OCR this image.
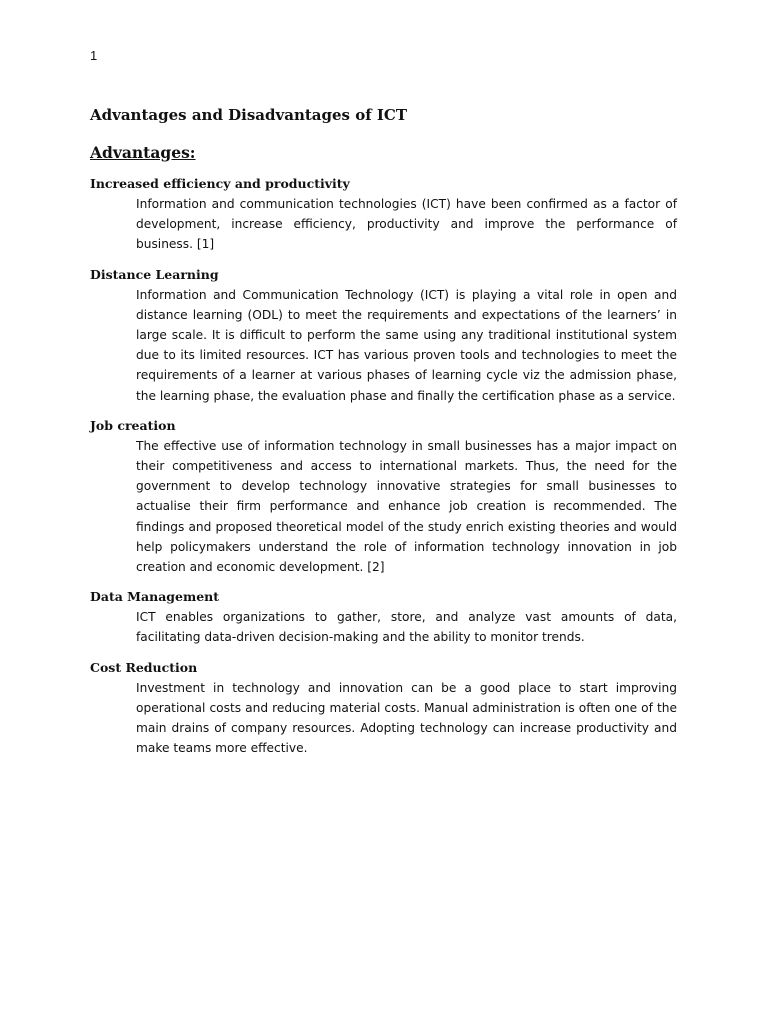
1

Advantages and Disadvantages of ICT
Advantages:
Increased efficiency and productivity

Information and communication technologies (ICT) have been confirmed as a factor of development, increase efficiency, productivity and improve the performance of business. [1]

Distance Learning

Information and Communication Technology (ICT) is playing a vital role in open and distance learning (ODL) to meet the requirements and expectations of the learners’ in large scale. It is difficult to perform the same using any traditional institutional system due to its limited resources. ICT has various proven tools and technologies to meet the requirements of a learner at various phases of learning cycle viz the admission phase, the learning phase, the evaluation phase and finally the certification phase as a service.

Job creation

The effective use of information technology in small businesses has a major impact on their competitiveness and access to international markets. Thus, the need for the government to develop technology innovative strategies for small businesses to actualise their firm performance and enhance job creation is recommended. The findings and proposed theoretical model of the study enrich existing theories and would help policymakers understand the role of information technology innovation in job creation and economic development. [2]

Data Management

ICT enables organizations to gather, store, and analyze vast amounts of data, facilitating data-driven decision-making and the ability to monitor trends.

Cost Reduction

Investment in technology and innovation can be a good place to start improving operational costs and reducing material costs. Manual administration is often one of the main drains of company resources. Adopting technology can increase productivity and make teams more effective.
